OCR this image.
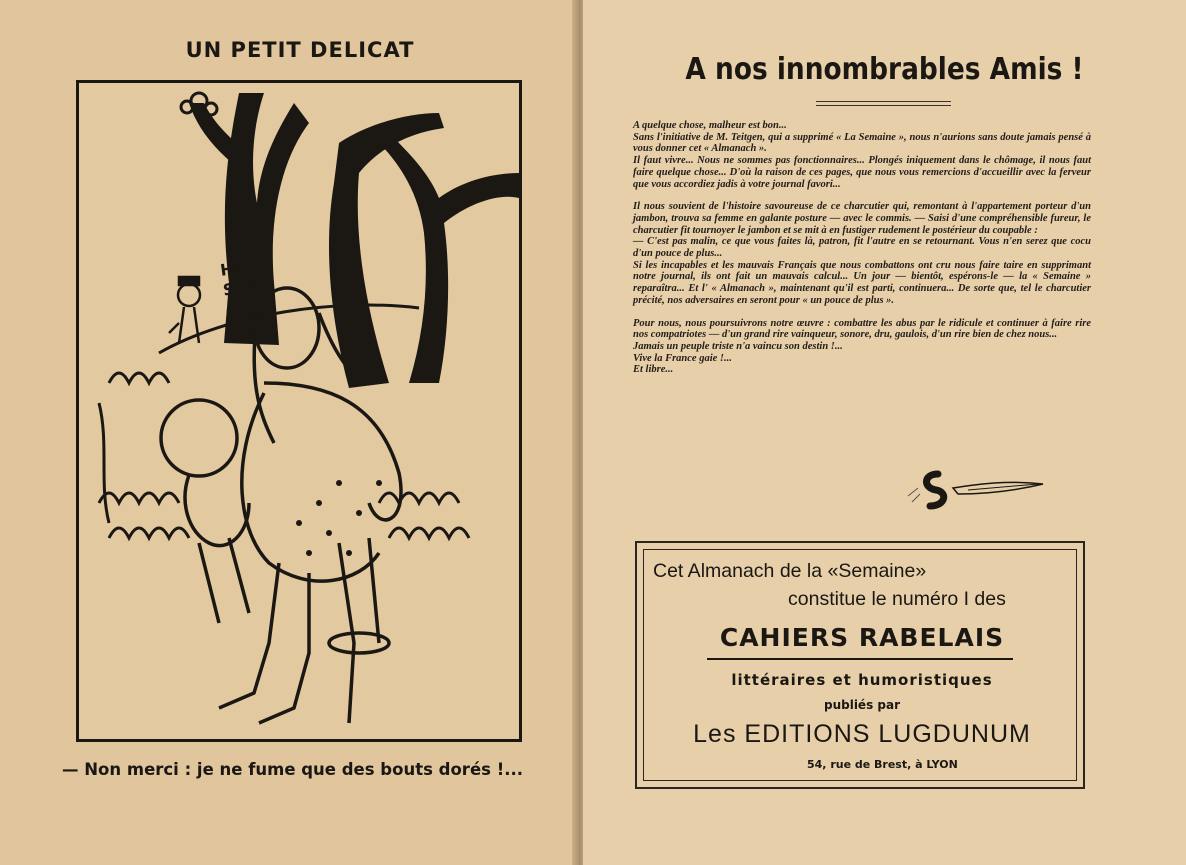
UN PETIT DELICAT
HOI
SAN
—
— Non merci : je ne fume que des bouts dorés !...
A nos innombrables Amis !

A quelque chose, malheur est bon...

Sans l'initiative de M. Teitgen, qui a supprimé « La Semaine », nous n'aurions sans doute jamais pensé à vous donner cet « Almanach ».

Il faut vivre... Nous ne sommes pas fonctionnaires... Plongés iniquement dans le chômage, il nous faut faire quelque chose... D'où la raison de ces pages, que nous vous remercions d'accueillir avec la ferveur que vous accordiez jadis à votre journal favori...

Il nous souvient de l'histoire savoureuse de ce charcutier qui, remontant à l'appartement porteur d'un jambon, trouva sa femme en galante posture — avec le commis. — Saisi d'une compréhensible fureur, le charcutier fit tournoyer le jambon et se mit à en fustiger rudement le postérieur du coupable :

— C'est pas malin, ce que vous faites là, patron, fit l'autre en se retournant. Vous n'en serez que cocu d'un pouce de plus...

Si les incapables et les mauvais Français que nous combattons ont cru nous faire taire en supprimant notre journal, ils ont fait un mauvais calcul... Un jour — bientôt, espérons-le — la « Semaine » reparaîtra... Et l' « Almanach », maintenant qu'il est parti, continuera... De sorte que, tel le charcutier précité, nos adversaires en seront pour « un pouce de plus ».

Pour nous, nous poursuivrons notre œuvre : combattre les abus par le ridicule et continuer à faire rire nos compatriotes — d'un grand rire vainqueur, sonore, dru, gaulois, d'un rire bien de chez nous...

Jamais un peuple triste n'a vaincu son destin !...

Vive la France gaie !...

Et libre...

Cet Almanach de la «Semaine»
constitue le numéro I des
CAHIERS RABELAIS
littéraires et humoristiques
publiés par
Les EDITIONS LUGDUNUM
54, rue de Brest, à LYON
